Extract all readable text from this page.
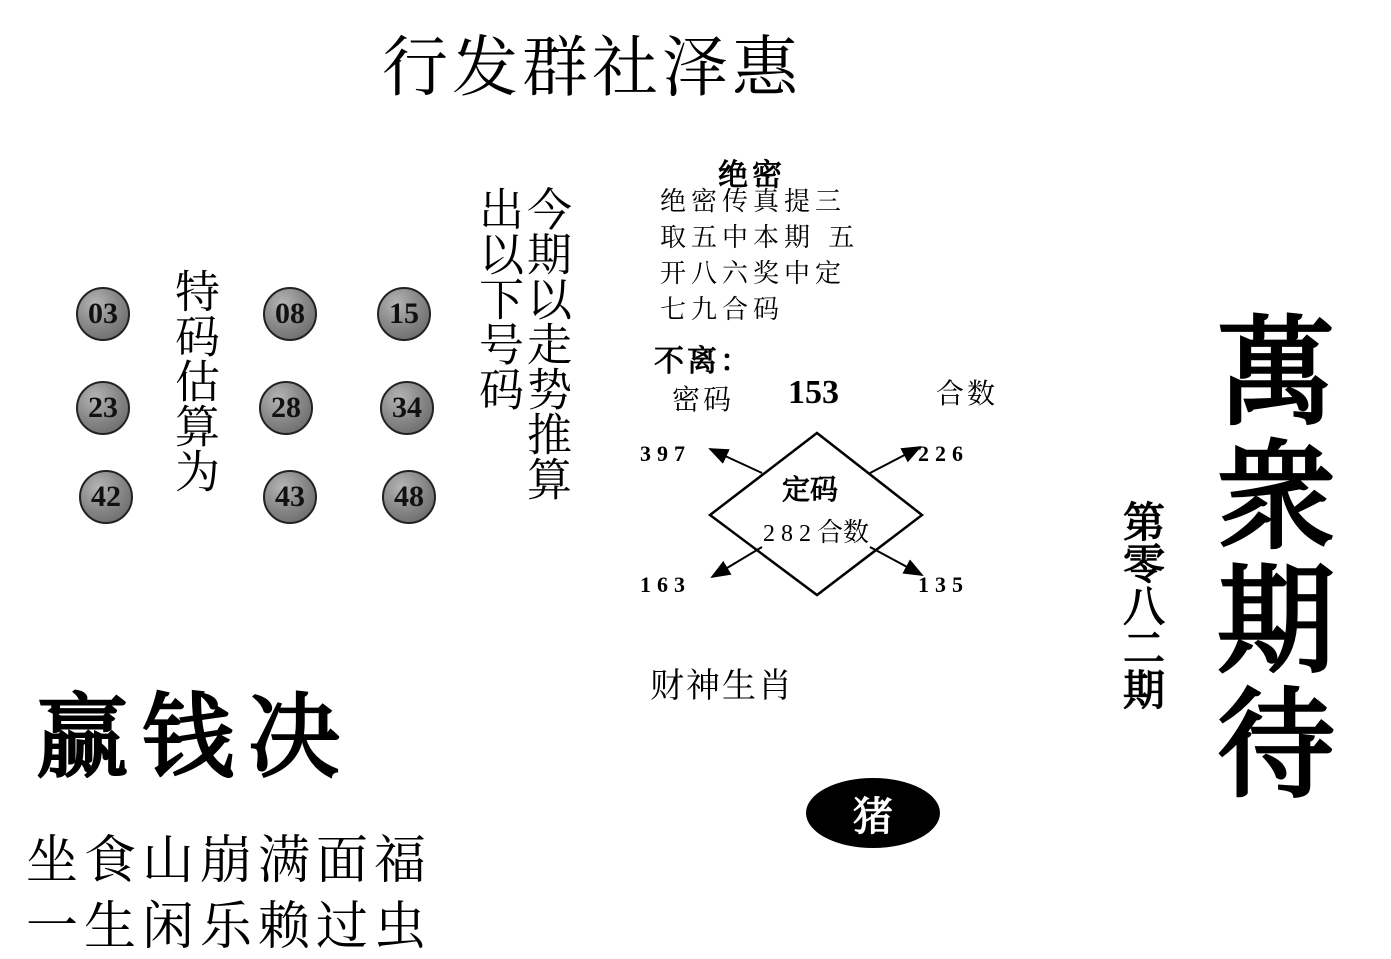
行发群社泽惠
03	08	15
23	28	34
42	43	48
特码估算为	今期以走势推算
出以下号码
绝密
绝密传真提三
取五中本期 五
开八六奖中定
七九合码
不离：
密码 153	合数
定码
282合数
397	226
163	135
财神生肖
猪
赢钱决
坐食山崩满面福
一生闲乐赖过虫
第零八二期 萬衆期待
